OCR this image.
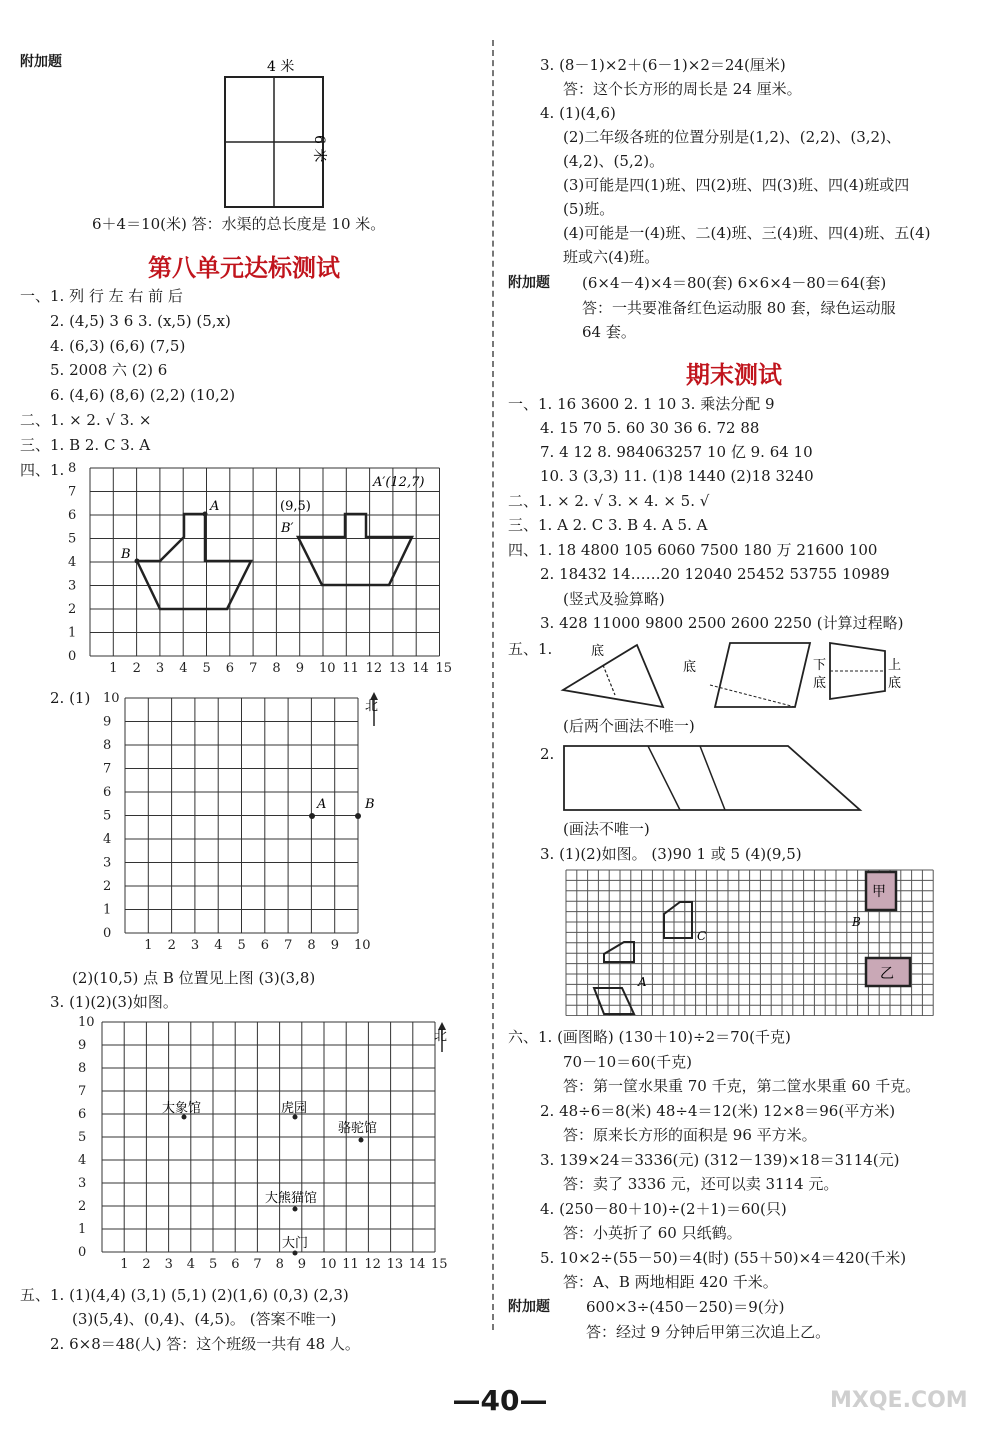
附加题	4 米
6 米
6＋4＝10(米) 答：水渠的总长度是 10 米。
第八单元达标测试
一、1. 列 行 左 右 前 后
2. (4,5) 3 6 3. (x,5) (5,x)
4. (6,3) (6,6) (7,5)
5. 2008 六 (2) 6
6. (4,6) (8,6) (2,2) (10,2)
二、1. × 2. √ 3. ×
三、1. B 2. C 3. A
四、1.
0
1
2
3
4
5
6
7
8
1 2 3 4 5 6 7 8 9 10 11 12 13 14 15
A
B
(9,5)
B′
A′(12,7)
2. (1)
0
1
2
3
4
5
6
7
8
9
10
1 2 3 4 5 6 7 8 9 10
北
A	B
(2)(10,5) 点 B 位置见上图 (3)(3,8)
3. (1)(2)(3)如图。
0
1
2
3
4
5
6
7
8
9
10
1 2 3 4 5 6 7 8 9 10 11 12 13 14 15
北
大象馆	虎园
骆驼馆
大熊猫馆
大门
五、1. (1)(4,4) (3,1) (5,1) (2)(1,6) (0,3) (2,3)
(3)(5,4)、(0,4)、(4,5)。 (答案不唯一)
2. 6×8＝48(人) 答：这个班级一共有 48 人。
3. (8－1)×2＋(6－1)×2＝24(厘米)
答：这个长方形的周长是 24 厘米。
4. (1)(4,6)
(2)二年级各班的位置分别是(1,2)、(2,2)、(3,2)、
(4,2)、(5,2)。
(3)可能是四(1)班、四(2)班、四(3)班、四(4)班或四
(5)班。
(4)可能是一(4)班、二(4)班、三(4)班、四(4)班、五(4)
班或六(4)班。
附加题 (6×4－4)×4＝80(套) 6×6×4－80＝64(套)
答：一共要准备红色运动服 80 套，绿色运动服
64 套。
期末测试
一、1. 16 3600 2. 1 10 3. 乘法分配 9
4. 15 70 5. 60 30 36 6. 72 88
7. 4 12 8. 984063257 10 亿 9. 64 10
10. 3 (3,3) 11. (1)8 1440 (2)18 3240
二、1. × 2. √ 3. × 4. × 5. √
三、1. A 2. C 3. B 4. A 5. A
四、1. 18 4800 105 6060 7500 180 万 21600 100
2. 18432 14……20 12040 25452 53755 10989
(竖式及验算略)
3. 428 11000 9800 2500 2600 2250 (计算过程略)
五、1.	底
底	下
底
上
底
(后两个画法不唯一)
2.
(画法不唯一)
3. (1)(2)如图。 (3)90 1 或 5 (4)(9,5)
甲
乙
C
B
A
六、1. (画图略) (130＋10)÷2＝70(千克)
70－10＝60(千克)
答：第一筐水果重 70 千克，第二筐水果重 60 千克。
2. 48÷6＝8(米) 48÷4＝12(米) 12×8＝96(平方米)
答：原来长方形的面积是 96 平方米。
3. 139×24＝3336(元) (312－139)×18＝3114(元)
答：卖了 3336 元，还可以卖 3114 元。
4. (250－80＋10)÷(2＋1)＝60(只)
答：小英折了 60 只纸鹤。
5. 10×2÷(55－50)＝4(时) (55＋50)×4＝420(千米)
答：A、B 两地相距 420 千米。
附加题 600×3÷(450－250)＝9(分)
答：经过 9 分钟后甲第三次追上乙。
—40—	MXQE.COM
